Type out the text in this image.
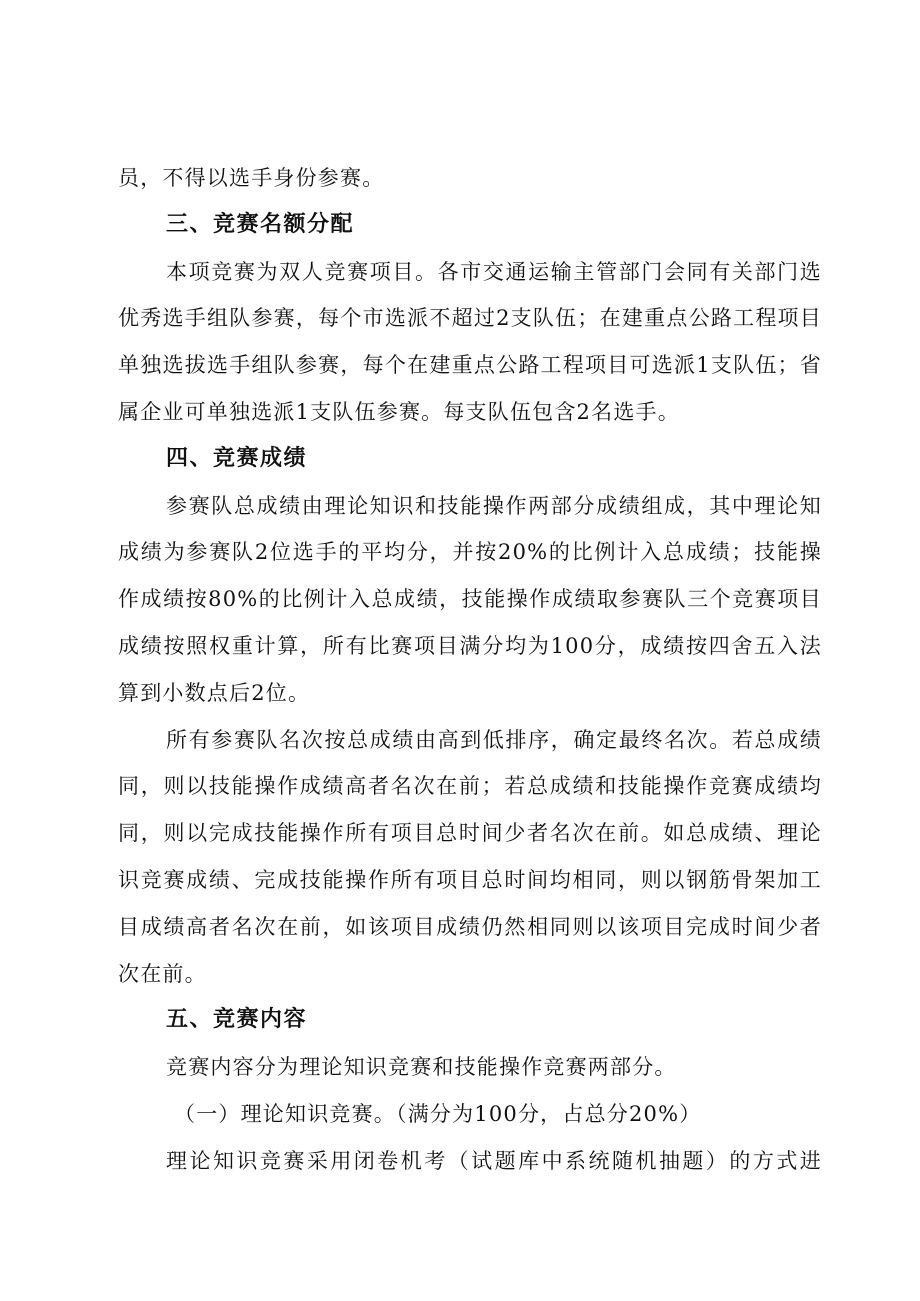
员，不得以选手身份参赛。
三、竞赛名额分配
本项竞赛为双人竞赛项目。各市交通运输主管部门会同有关部门选
优秀选手组队参赛，每个市选派不超过2支队伍；在建重点公路工程项目
单独选拔选手组队参赛，每个在建重点公路工程项目可选派1支队伍；省
属企业可单独选派1支队伍参赛。每支队伍包含2名选手。
四、竞赛成绩
参赛队总成绩由理论知识和技能操作两部分成绩组成，其中理论知
成绩为参赛队2位选手的平均分，并按20%的比例计入总成绩；技能操
作成绩按80%的比例计入总成绩，技能操作成绩取参赛队三个竞赛项目
成绩按照权重计算，所有比赛项目满分均为100分，成绩按四舍五入法
算到小数点后2位。
所有参赛队名次按总成绩由高到低排序，确定最终名次。若总成绩
同，则以技能操作成绩高者名次在前；若总成绩和技能操作竞赛成绩均
同，则以完成技能操作所有项目总时间少者名次在前。如总成绩、理论
识竞赛成绩、完成技能操作所有项目总时间均相同，则以钢筋骨架加工
目成绩高者名次在前，如该项目成绩仍然相同则以该项目完成时间少者
次在前。
五、竞赛内容
竞赛内容分为理论知识竞赛和技能操作竞赛两部分。
（一）理论知识竞赛。（满分为100分，占总分20%）
理论知识竞赛采用闭卷机考（试题库中系统随机抽题）的方式进
